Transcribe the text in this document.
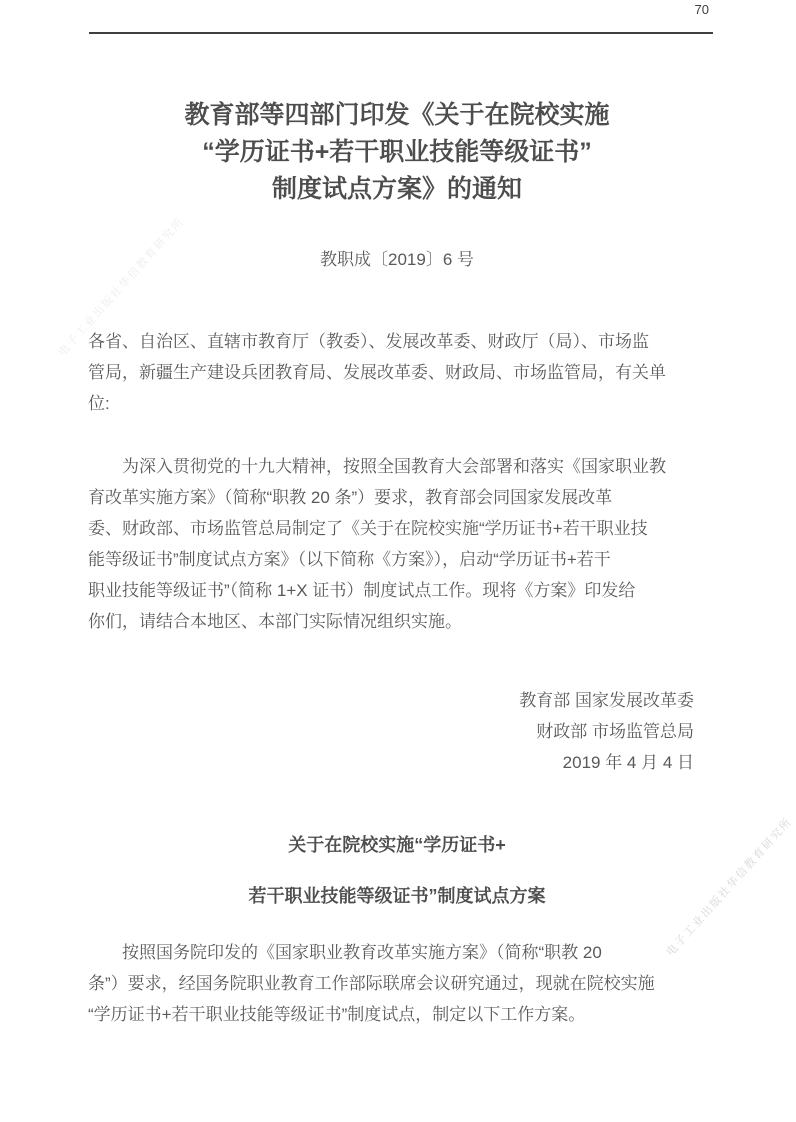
电子工业出版社华信教育研究所
电子工业出版社华信教育研究所
70
教育部等四部门印发《关于在院校实施
“学历证书+若干职业技能等级证书”
制度试点方案》的通知
教职成〔2019〕6 号
各省、自治区、直辖市教育厅（教委）、发展改革委、财政厅（局）、市场监
管局，新疆生产建设兵团教育局、发展改革委、财政局、市场监管局，有关单
位:
为深入贯彻党的十九大精神，按照全国教育大会部署和落实《国家职业教
育改革实施方案》（简称“职教 20 条”）要求，教育部会同国家发展改革
委、财政部、市场监管总局制定了《关于在院校实施“学历证书+若干职业技
能等级证书”制度试点方案》（以下简称《方案》），启动“学历证书+若干
职业技能等级证书”（简称 1+X 证书）制度试点工作。现将《方案》印发给
你们，请结合本地区、本部门实际情况组织实施。
教育部 国家发展改革委
财政部 市场监管总局
2019 年 4 月 4 日
关于在院校实施“学历证书+
若干职业技能等级证书”制度试点方案
按照国务院印发的《国家职业教育改革实施方案》（简称“职教 20
条”）要求，经国务院职业教育工作部际联席会议研究通过，现就在院校实施
“学历证书+若干职业技能等级证书”制度试点，制定以下工作方案。
